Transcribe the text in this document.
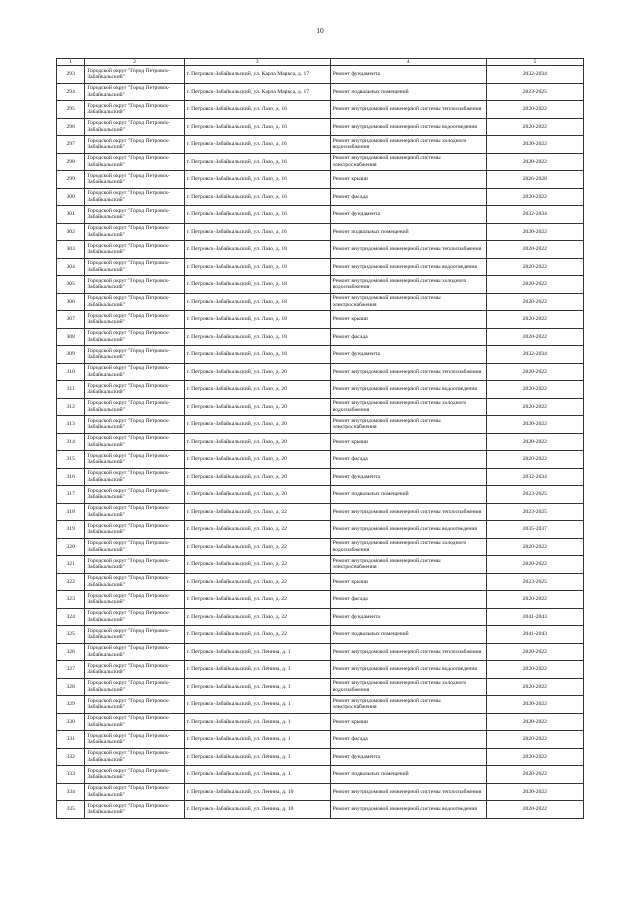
10
1	2	3	4	5
293	Городской округ "Город Петровск-Забайкальский"	г. Петровск-Забайкальский, ул. Карла Маркса, д. 17	Ремонт фундамента	2032-2034
294	Городской округ "Город Петровск-Забайкальский"	г. Петровск-Забайкальский, ул. Карла Маркса, д. 17	Ремонт подвальных помещений	2023-2025
295	Городской округ "Город Петровск-Забайкальский"	г. Петровск-Забайкальский, ул. Лазо, д. 16	Ремонт внутридомовой инженерной системы теплоснабжения	2020-2022
296	Городской округ "Город Петровск-Забайкальский"	г. Петровск-Забайкальский, ул. Лазо, д. 16	Ремонт внутридомовой инженерной системы водоотведения	2020-2022
297	Городской округ "Город Петровск-Забайкальский"	г. Петровск-Забайкальский, ул. Лазо, д. 16	Ремонт внутридомовой инженерной системы холодного водоснабжения	2020-2022
298	Городской округ "Город Петровск-Забайкальский"	г. Петровск-Забайкальский, ул. Лазо, д. 16	Ремонт внутридомовой инженерной системы электроснабжения	2020-2022
299	Городской округ "Город Петровск-Забайкальский"	г. Петровск-Забайкальский, ул. Лазо, д. 16	Ремонт крыши	2026-2028
300	Городской округ "Город Петровск-Забайкальский"	г. Петровск-Забайкальский, ул. Лазо, д. 16	Ремонт фасада	2020-2022
301	Городской округ "Город Петровск-Забайкальский"	г. Петровск-Забайкальский, ул. Лазо, д. 16	Ремонт фундамента	2032-2034
302	Городской округ "Город Петровск-Забайкальский"	г. Петровск-Забайкальский, ул. Лазо, д. 16	Ремонт подвальных помещений	2020-2022
303	Городской округ "Город Петровск-Забайкальский"	г. Петровск-Забайкальский, ул. Лазо, д. 18	Ремонт внутридомовой инженерной системы теплоснабжения	2020-2022
304	Городской округ "Город Петровск-Забайкальский"	г. Петровск-Забайкальский, ул. Лазо, д. 18	Ремонт внутридомовой инженерной системы водоотведения	2020-2022
305	Городской округ "Город Петровск-Забайкальский"	г. Петровск-Забайкальский, ул. Лазо, д. 18	Ремонт внутридомовой инженерной системы холодного водоснабжения	2020-2022
306	Городской округ "Город Петровск-Забайкальский"	г. Петровск-Забайкальский, ул. Лазо, д. 18	Ремонт внутридомовой инженерной системы электроснабжения	2020-2022
307	Городской округ "Город Петровск-Забайкальский"	г. Петровск-Забайкальский, ул. Лазо, д. 18	Ремонт крыши	2020-2022
308	Городской округ "Город Петровск-Забайкальский"	г. Петровск-Забайкальский, ул. Лазо, д. 18	Ремонт фасада	2020-2022
309	Городской округ "Город Петровск-Забайкальский"	г. Петровск-Забайкальский, ул. Лазо, д. 18	Ремонт фундамента	2032-2034
310	Городской округ "Город Петровск-Забайкальский"	г. Петровск-Забайкальский, ул. Лазо, д. 20	Ремонт внутридомовой инженерной системы теплоснабжения	2020-2022
311	Городской округ "Город Петровск-Забайкальский"	г. Петровск-Забайкальский, ул. Лазо, д. 20	Ремонт внутридомовой инженерной системы водоотведения	2020-2022
312	Городской округ "Город Петровск-Забайкальский"	г. Петровск-Забайкальский, ул. Лазо, д. 20	Ремонт внутридомовой инженерной системы холодного водоснабжения	2020-2022
313	Городской округ "Город Петровск-Забайкальский"	г. Петровск-Забайкальский, ул. Лазо, д. 20	Ремонт внутридомовой инженерной системы электроснабжения	2020-2022
314	Городской округ "Город Петровск-Забайкальский"	г. Петровск-Забайкальский, ул. Лазо, д. 20	Ремонт крыши	2020-2022
315	Городской округ "Город Петровск-Забайкальский"	г. Петровск-Забайкальский, ул. Лазо, д. 20	Ремонт фасада	2020-2022
316	Городской округ "Город Петровск-Забайкальский"	г. Петровск-Забайкальский, ул. Лазо, д. 20	Ремонт фундамента	2032-2034
317	Городской округ "Город Петровск-Забайкальский"	г. Петровск-Забайкальский, ул. Лазо, д. 20	Ремонт подвальных помещений	2023-2025
318	Городской округ "Город Петровск-Забайкальский"	г. Петровск-Забайкальский, ул. Лазо, д. 22	Ремонт внутридомовой инженерной системы теплоснабжения	2023-2025
319	Городской округ "Город Петровск-Забайкальский"	г. Петровск-Забайкальский, ул. Лазо, д. 22	Ремонт внутридомовой инженерной системы водоотведения	2035-2037
320	Городской округ "Город Петровск-Забайкальский"	г. Петровск-Забайкальский, ул. Лазо, д. 22	Ремонт внутридомовой инженерной системы холодного водоснабжения	2020-2022
321	Городской округ "Город Петровск-Забайкальский"	г. Петровск-Забайкальский, ул. Лазо, д. 22	Ремонт внутридомовой инженерной системы электроснабжения	2020-2022
322	Городской округ "Город Петровск-Забайкальский"	г. Петровск-Забайкальский, ул. Лазо, д. 22	Ремонт крыши	2023-2025
323	Городской округ "Город Петровск-Забайкальский"	г. Петровск-Забайкальский, ул. Лазо, д. 22	Ремонт фасада	2020-2022
324	Городской округ "Город Петровск-Забайкальский"	г. Петровск-Забайкальский, ул. Лазо, д. 22	Ремонт фундамента	2041-2043
325	Городской округ "Город Петровск-Забайкальский"	г. Петровск-Забайкальский, ул. Лазо, д. 22	Ремонт подвальных помещений	2041-2043
326	Городской округ "Город Петровск-Забайкальский"	г. Петровск-Забайкальский, ул. Ленина, д. 1	Ремонт внутридомовой инженерной системы теплоснабжения	2020-2022
327	Городской округ "Город Петровск-Забайкальский"	г. Петровск-Забайкальский, ул. Ленина, д. 1	Ремонт внутридомовой инженерной системы водоотведения	2020-2022
328	Городской округ "Город Петровск-Забайкальский"	г. Петровск-Забайкальский, ул. Ленина, д. 1	Ремонт внутридомовой инженерной системы холодного водоснабжения	2020-2022
329	Городской округ "Город Петровск-Забайкальский"	г. Петровск-Забайкальский, ул. Ленина, д. 1	Ремонт внутридомовой инженерной системы электроснабжения	2020-2022
330	Городской округ "Город Петровск-Забайкальский"	г. Петровск-Забайкальский, ул. Ленина, д. 1	Ремонт крыши	2020-2022
331	Городской округ "Город Петровск-Забайкальский"	г. Петровск-Забайкальский, ул. Ленина, д. 1	Ремонт фасада	2020-2022
332	Городской округ "Город Петровск-Забайкальский"	г. Петровск-Забайкальский, ул. Ленина, д. 1	Ремонт фундамента	2020-2022
333	Городской округ "Город Петровск-Забайкальский"	г. Петровск-Забайкальский, ул. Ленина, д. 1	Ремонт подвальных помещений	2020-2022
334	Городской округ "Город Петровск-Забайкальский"	г. Петровск-Забайкальский, ул. Ленина, д. 10	Ремонт внутридомовой инженерной системы теплоснабжения	2020-2022
335	Городской округ "Город Петровск-Забайкальский"	г. Петровск-Забайкальский, ул. Ленина, д. 10	Ремонт внутридомовой инженерной системы водоотведения	2020-2022
